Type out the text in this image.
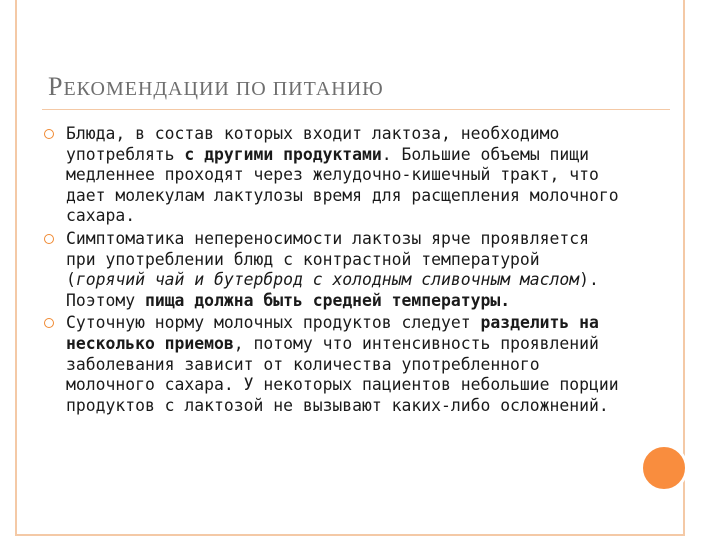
РЕКОМЕНДАЦИИ ПО ПИТАНИЮ
Блюда, в состав которых входит лактоза, необходимо употреблять с другими продуктами. Большие объемы пищи медленнее проходят через желудочно-кишечный тракт, что дает молекулам лактулозы время для расщепления молочного сахара.
Симптоматика непереносимости лактозы ярче проявляется при употреблении блюд с контрастной температурой (горячий чай и бутерброд с холодным сливочным маслом). Поэтому пища должна быть средней температуры.
Суточную норму молочных продуктов следует разделить на несколько приемов, потому что интенсивность проявлений заболевания зависит от количества употребленного молочного сахара. У некоторых пациентов небольшие порции продуктов с лактозой не вызывают каких-либо осложнений.
